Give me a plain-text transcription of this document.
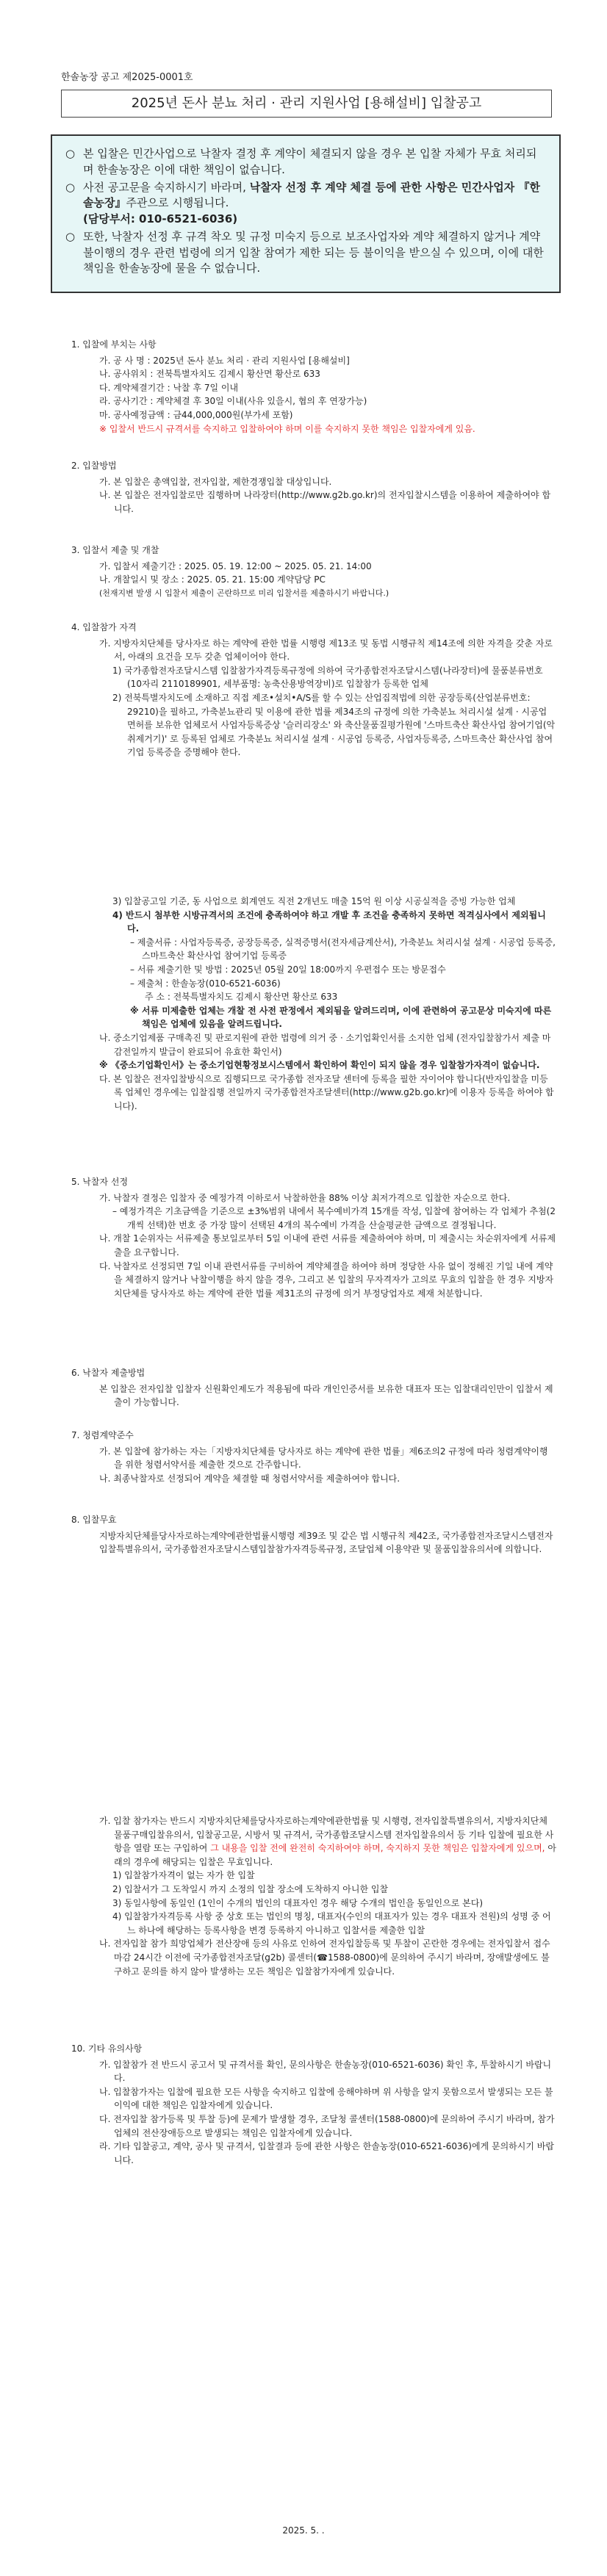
한솔농장 공고 제2025-0001호
2025년 돈사 분뇨 처리 · 관리 지원사업 [용해설비] 입찰공고
○ 본 입찰은 민간사업으로 낙찰자 결정 후 계약이 체결되지 않을 경우 본 입찰 자체가 무효 처리되며 한솔농장은 이에 대한 책임이 없습니다.
○ 사전 공고문을 숙지하시기 바라며, 낙찰자 선정 후 계약 체결 등에 관한 사항은 민간사업자 『한솔농장』주관으로 시행됩니다.
(담당부서: 010-6521-6036)
○ 또한, 낙찰자 선정 후 규격 착오 및 규정 미숙지 등으로 보조사업자와 계약 체결하지 않거나 계약 불이행의 경우 관련 법령에 의거 입찰 참여가 제한 되는 등 불이익을 받으실 수 있으며, 이에 대한 책임을 한솔농장에 물을 수 없습니다.
1. 입찰에 부치는 사항
가. 공 사 명 : 2025년 돈사 분뇨 처리 · 관리 지원사업 [용해설비]
나. 공사위치 : 전북특별자치도 김제시 황산면 황산로 633
다. 계약체결기간 : 낙찰 후 7일 이내
라. 공사기간 : 계약체결 후 30일 이내(사유 있을시, 협의 후 연장가능)
마. 공사예정금액 : 금44,000,000원(부가세 포함)
※ 입찰서 반드시 규격서를 숙지하고 입찰하여야 하며 이를 숙지하지 못한 책임은 입찰자에게 있음.
2. 입찰방법
가. 본 입찰은 총액입찰, 전자입찰, 제한경쟁입찰 대상입니다.
나. 본 입찰은 전자입찰로만 집행하며 나라장터(http://www.g2b.go.kr)의 전자입찰시스템을 이용하여 제출하여야 합니다.
3. 입찰서 제출 및 개찰
가. 입찰서 제출기간 : 2025. 05. 19. 12:00 ~ 2025. 05. 21. 14:00
나. 개찰일시 및 장소 : 2025. 05. 21. 15:00 계약담당 PC
(천재지변 발생 시 입찰서 제출이 곤란하므로 미리 입찰서를 제출하시기 바랍니다.)
4. 입찰참가 자격
가. 지방자치단체를 당사자로 하는 계약에 관한 법률 시행령 제13조 및 동법 시행규칙 제14조에 의한 자격을 갖춘 자로서, 아래의 요건을 모두 갖춘 업체이어야 한다.
1) 국가종합전자조달시스템 입찰참가자격등록규정에 의하여 국가종합전자조달시스템(나라장터)에 물품분류번호(10자리 2110189901, 세부품명: 농축산용방역장비)로 입찰참가 등록한 업체
2) 전북특별자치도에 소재하고 직접 제조•설치•A/S를 할 수 있는 산업집적법에 의한 공장등록(산업분류번호: 29210)을 필하고, 가축분뇨관리 및 이용에 관한 법률 제34조의 규정에 의한 가축분뇨 처리시설 설계 · 시공업 면허를 보유한 업체로서 사업자등록증상 '슬러리장소' 와 축산물품질평가원에 '스마트축산 확산사업 참여기업(악취제거기)' 로 등록된 업체로 가축분뇨 처리시설 설계 · 시공업 등록증, 사업자등록증, 스마트축산 확산사업 참여기업 등록증을 증명해야 한다.
3) 입찰공고일 기준, 동 사업으로 회계연도 직전 2개년도 매출 15억 원 이상 시공실적을 증빙 가능한 업체
4) 반드시 첨부한 시방규격서의 조건에 충족하여야 하고 개발 후 조건을 충족하지 못하면 적격심사에서 제외됩니다.
– 제출서류 : 사업자등록증, 공장등록증, 실적증명서(전자세금계산서), 가축분뇨 처리시설 설계 · 시공업 등록증, 스마트축산 확산사업 참여기업 등록증
– 서류 제출기한 및 방법 : 2025년 05월 20일 18:00까지 우편접수 또는 방문접수
– 제출처 : 한솔농장(010-6521-6036)
주 소 : 전북특별자치도 김제시 황산면 황산로 633
※ 서류 미제출한 업체는 개찰 전 사전 판정에서 제외됨을 알려드리며, 이에 관련하여 공고문상 미숙지에 따른 책임은 업체에 있음을 알려드립니다.
나. 중소기업제품 구매촉진 및 판로지원에 관한 법령에 의거 중 · 소기업확인서를 소지한 업체 (전자입찰참가서 제출 마감전일까지 발급이 완료되어 유효한 확인서)
※ 《중소기업확인서》는 중소기업현황정보시스템에서 확인하여 확인이 되지 않을 경우 입찰참가자격이 없습니다.
다. 본 입찰은 전자입찰방식으로 집행되므로 국가종합 전자조달 센터에 등록을 필한 자이어야 합니다(반자입찰을 미등록 업체인 경우에는 입찰집행 전일까지 국가종합전자조달센터(http://www.g2b.go.kr)에 이용자 등록을 하여야 합니다).
5. 낙찰자 선정
가. 낙찰자 결정은 입찰자 중 예정가격 이하로서 낙찰하한율 88% 이상 최저가격으로 입찰한 자순으로 한다.
– 예정가격은 기초금액을 기준으로 ±3%범위 내에서 복수예비가격 15개를 작성, 입찰에 참여하는 각 업체가 추첨(2개씩 선택)한 번호 중 가장 많이 선택된 4개의 복수예비 가격을 산술평균한 금액으로 결정됩니다.
나. 개찰 1순위자는 서류제출 통보일로부터 5일 이내에 관련 서류를 제출하여야 하며, 미 제출시는 차순위자에게 서류제출을 요구합니다.
다. 낙찰자로 선정되면 7일 이내 관련서류를 구비하여 계약체결을 하여야 하며 정당한 사유 없이 정해진 기일 내에 계약을 체결하지 않거나 낙찰이행을 하지 않을 경우, 그리고 본 입찰의 무자격자가 고의로 무효의 입찰을 한 경우 지방자치단체를 당사자로 하는 계약에 관한 법률 제31조의 규정에 의거 부정당업자로 제재 처분합니다.
6. 낙찰자 제출방법
본 입찰은 전자입찰 입찰자 신원확인제도가 적용됨에 따라 개인인증서를 보유한 대표자 또는 입찰대리인만이 입찰서 제출이 가능합니다.
7. 청렴계약준수
가. 본 입찰에 참가하는 자는「지방자치단체를 당사자로 하는 계약에 관한 법률」제6조의2 규정에 따라 청렴계약이행을 위한 청렴서약서를 제출한 것으로 간주합니다.
나. 최종낙찰자로 선정되어 계약을 체결할 때 청렴서약서를 제출하여야 합니다.
8. 입찰무효
지방자치단체를당사자로하는계약에관한법률시행령 제39조 및 같은 법 시행규칙 제42조, 국가종합전자조달시스템전자입찰특별유의서, 국가종합전자조달시스템입찰참가자격등록규정, 조달업체 이용약관 및 물품입찰유의서에 의합니다.
가. 입찰 참가자는 반드시 지방자치단체를당사자로하는계약에관한법률 및 시행령, 전자입찰특별유의서, 지방자치단체 물품구매입찰유의서, 입찰공고문, 시방서 및 규격서, 국가종합조달시스템 전자입찰유의서 등 기타 입찰에 필요한 사항을 열람 또는 구입하여 그 내용을 입찰 전에 완전히 숙지하여야 하며, 숙지하지 못한 책임은 입찰자에게 있으며, 아래의 경우에 해당되는 입찰은 무효입니다.
1) 입찰참가자격이 없는 자가 한 입찰
2) 입찰서가 그 도착일시 까지 소정의 입찰 장소에 도착하지 아니한 입찰
3) 동일사항에 동일인 (1인이 수개의 법인의 대표자인 경우 해당 수개의 법인을 동일인으로 본다)
4) 입찰참가자격등록 사항 중 상호 또는 법인의 명칭, 대표자(수인의 대표자가 있는 경우 대표자 전원)의 성명 중 어느 하나에 해당하는 등록사항을 변경 등록하지 아니하고 입찰서를 제출한 입찰
나. 전자입찰 참가 희망업체가 전산장애 등의 사유로 인하여 전자입찰등록 및 투찰이 곤란한 경우에는 전자입찰서 접수마감 24시간 이전에 국가종합전자조달(g2b) 콜센터(☎1588-0800)에 문의하여 주시기 바라며, 장애발생에도 불구하고 문의를 하지 않아 발생하는 모든 책임은 입찰참가자에게 있습니다.
10. 기타 유의사항
가. 입찰참가 전 반드시 공고서 및 규격서를 확인, 문의사항은 한솔농장(010-6521-6036) 확인 후, 투찰하시기 바랍니다.
나. 입찰참가자는 입찰에 필요한 모든 사항을 숙지하고 입찰에 응해야하며 위 사항을 알지 못함으로서 발생되는 모든 불이익에 대한 책임은 입찰자에게 있습니다.
다. 전자입찰 참가등록 및 투찰 등)에 문제가 발생할 경우, 조달청 콜센터(1588-0800)에 문의하여 주시기 바라며, 참가업체의 전산장애등으로 발생되는 책임은 입찰자에게 있습니다.
라. 기타 입찰공고, 계약, 공사 및 규격서, 입찰결과 등에 관한 사항은 한솔농장(010-6521-6036)에게 문의하시기 바랍니다.
2025. 5. .
